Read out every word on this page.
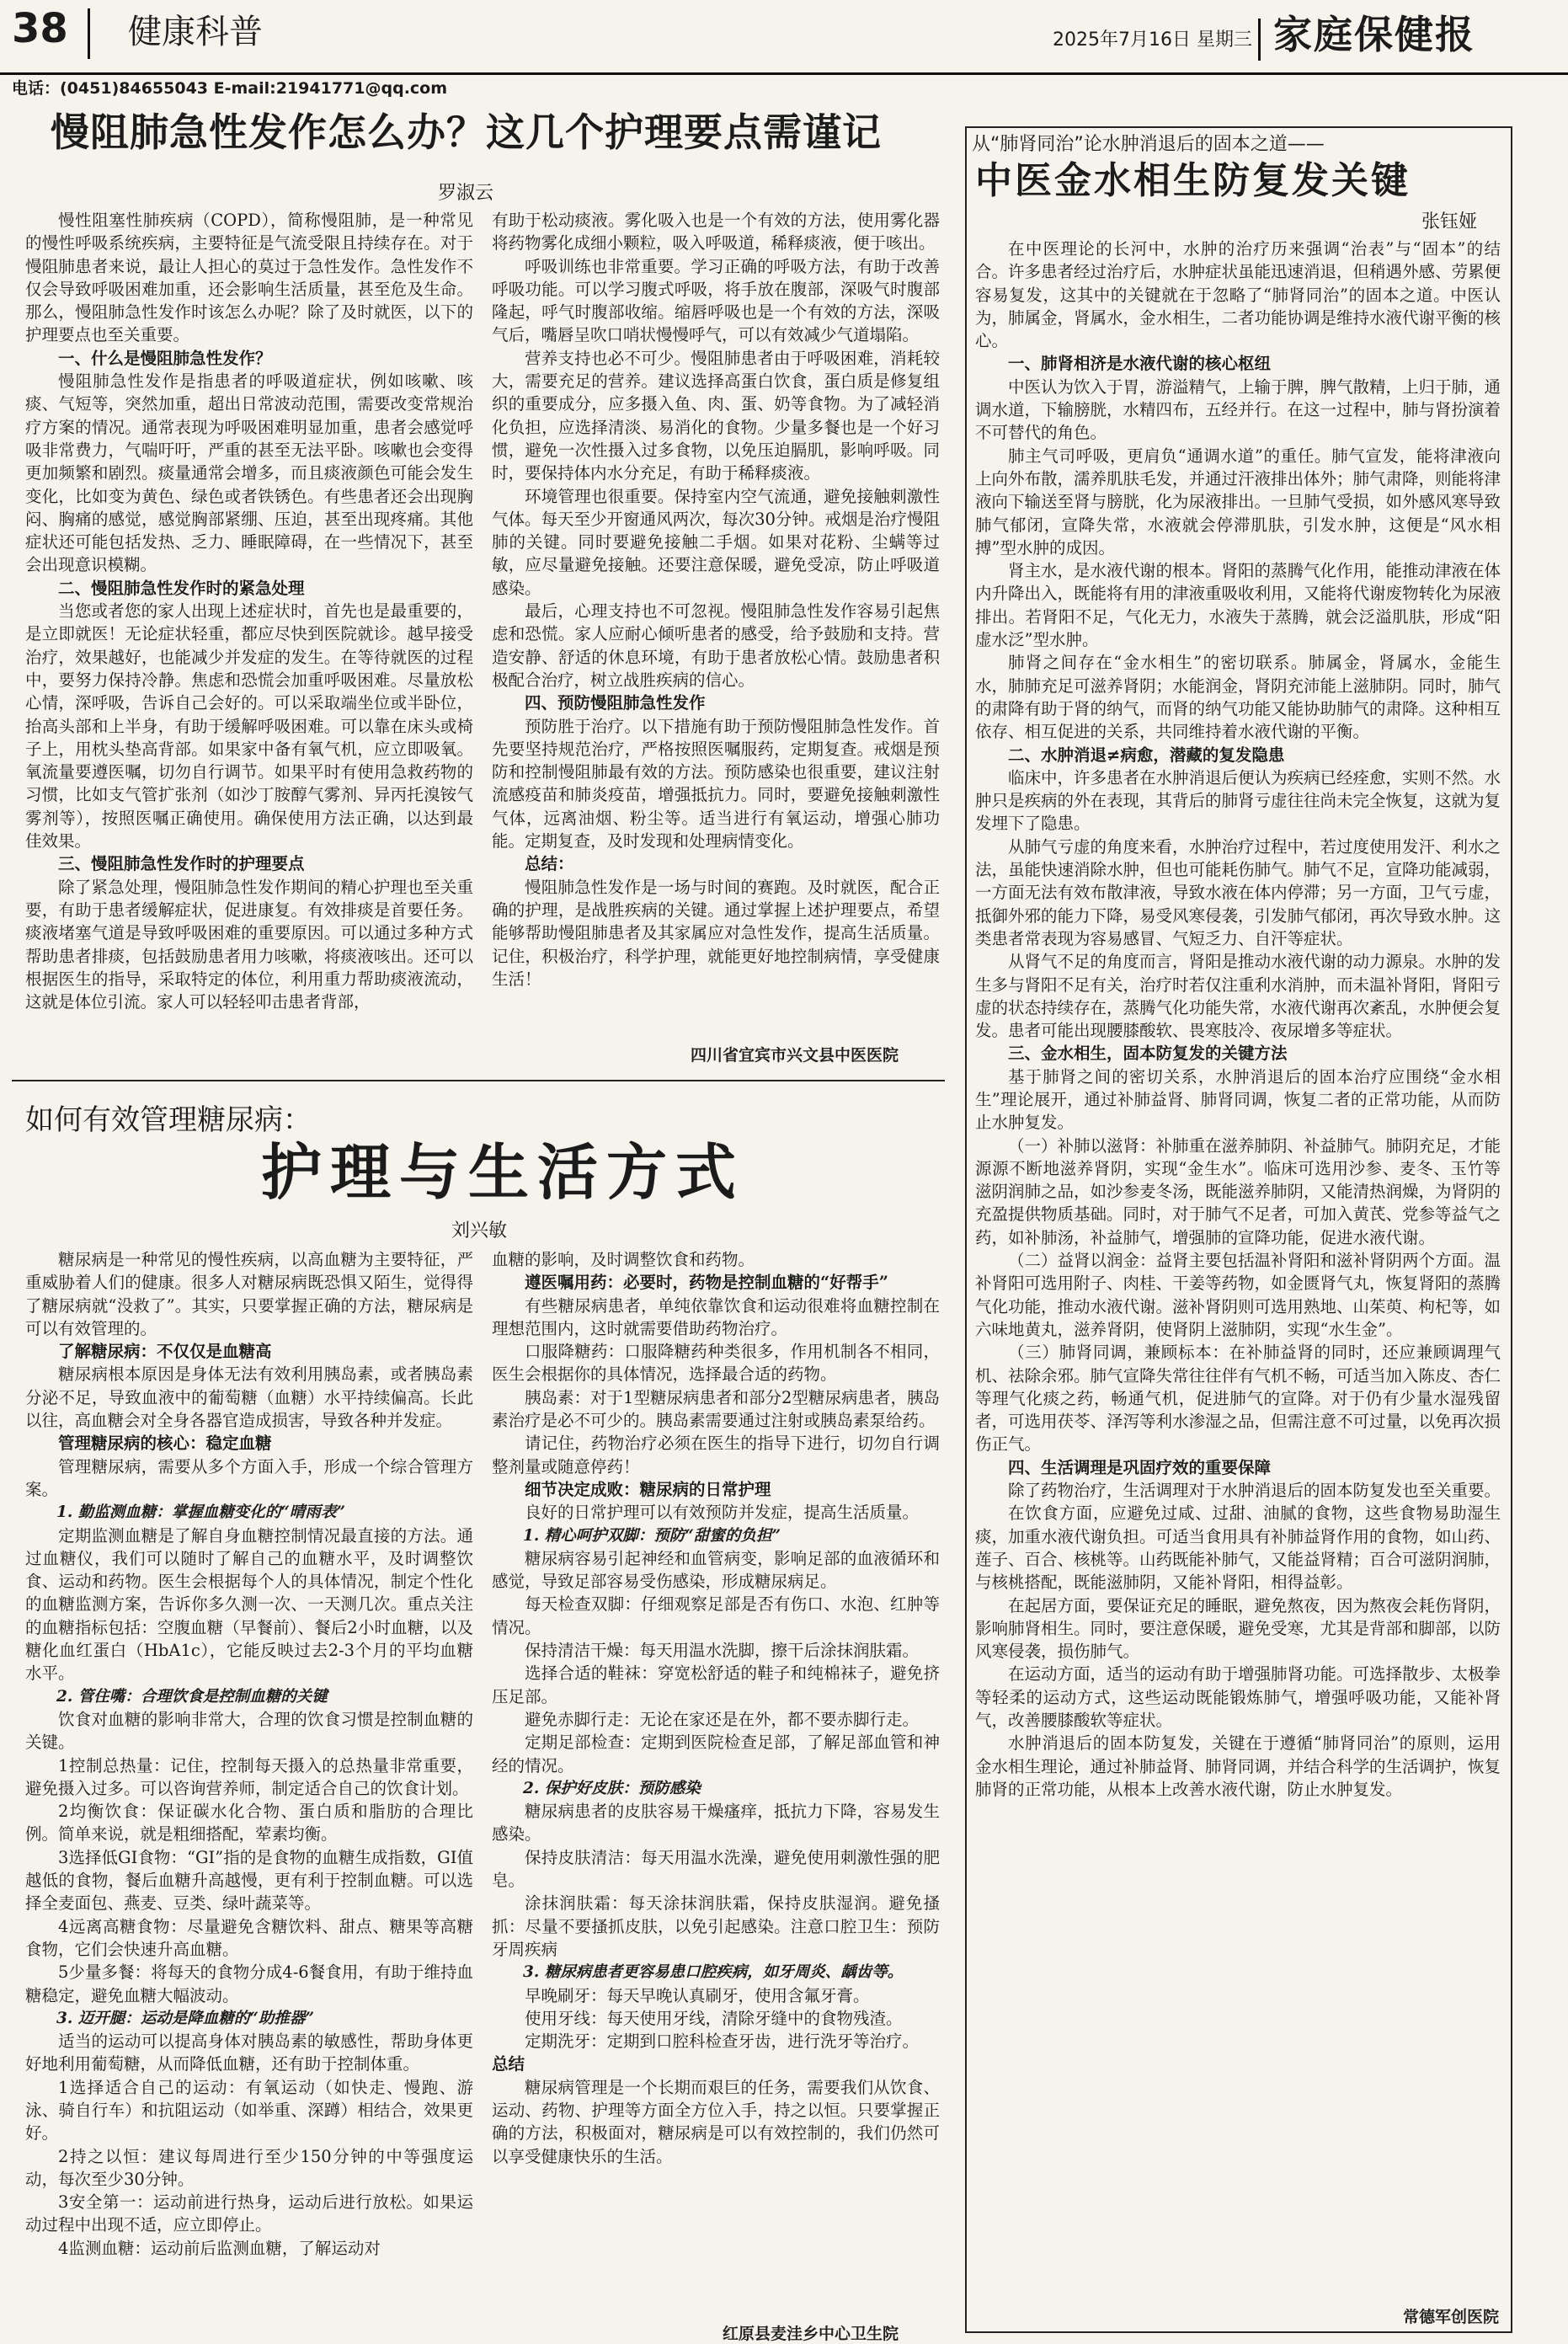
38 健康科普	2025年7月16日 星期三 家庭保健报
电话：(0451)84655043 E-mail:21941771@qq.com
慢阻肺急性发作怎么办？这几个护理要点需谨记
罗淑云

慢性阻塞性肺疾病（COPD），简称慢阻肺，是一种常见的慢性呼吸系统疾病，主要特征是气流受限且持续存在。对于慢阻肺患者来说，最让人担心的莫过于急性发作。急性发作不仅会导致呼吸困难加重，还会影响生活质量，甚至危及生命。那么，慢阻肺急性发作时该怎么办呢？除了及时就医，以下的护理要点也至关重要。

一、什么是慢阻肺急性发作？

慢阻肺急性发作是指患者的呼吸道症状，例如咳嗽、咳痰、气短等，突然加重，超出日常波动范围，需要改变常规治疗方案的情况。通常表现为呼吸困难明显加重，患者会感觉呼吸非常费力，气喘吁吁，严重的甚至无法平卧。咳嗽也会变得更加频繁和剧烈。痰量通常会增多，而且痰液颜色可能会发生变化，比如变为黄色、绿色或者铁锈色。有些患者还会出现胸闷、胸痛的感觉，感觉胸部紧绷、压迫，甚至出现疼痛。其他症状还可能包括发热、乏力、睡眠障碍，在一些情况下，甚至会出现意识模糊。

二、慢阻肺急性发作时的紧急处理

当您或者您的家人出现上述症状时，首先也是最重要的，是立即就医！无论症状轻重，都应尽快到医院就诊。越早接受治疗，效果越好，也能减少并发症的发生。在等待就医的过程中，要努力保持冷静。焦虑和恐慌会加重呼吸困难。尽量放松心情，深呼吸，告诉自己会好的。可以采取端坐位或半卧位，抬高头部和上半身，有助于缓解呼吸困难。可以靠在床头或椅子上，用枕头垫高背部。如果家中备有氧气机，应立即吸氧。氧流量要遵医嘱，切勿自行调节。如果平时有使用急救药物的习惯，比如支气管扩张剂（如沙丁胺醇气雾剂、异丙托溴铵气雾剂等），按照医嘱正确使用。确保使用方法正确，以达到最佳效果。

三、慢阻肺急性发作时的护理要点

除了紧急处理，慢阻肺急性发作期间的精心护理也至关重要，有助于患者缓解症状，促进康复。有效排痰是首要任务。痰液堵塞气道是导致呼吸困难的重要原因。可以通过多种方式帮助患者排痰，包括鼓励患者用力咳嗽，将痰液咳出。还可以根据医生的指导，采取特定的体位，利用重力帮助痰液流动，这就是体位引流。家人可以轻轻叩击患者背部，

有助于松动痰液。雾化吸入也是一个有效的方法，使用雾化器将药物雾化成细小颗粒，吸入呼吸道，稀释痰液，便于咳出。

呼吸训练也非常重要。学习正确的呼吸方法，有助于改善呼吸功能。可以学习腹式呼吸，将手放在腹部，深吸气时腹部隆起，呼气时腹部收缩。缩唇呼吸也是一个有效的方法，深吸气后，嘴唇呈吹口哨状慢慢呼气，可以有效减少气道塌陷。

营养支持也必不可少。慢阻肺患者由于呼吸困难，消耗较大，需要充足的营养。建议选择高蛋白饮食，蛋白质是修复组织的重要成分，应多摄入鱼、肉、蛋、奶等食物。为了减轻消化负担，应选择清淡、易消化的食物。少量多餐也是一个好习惯，避免一次性摄入过多食物，以免压迫膈肌，影响呼吸。同时，要保持体内水分充足，有助于稀释痰液。

环境管理也很重要。保持室内空气流通，避免接触刺激性气体。每天至少开窗通风两次，每次30分钟。戒烟是治疗慢阻肺的关键。同时要避免接触二手烟。如果对花粉、尘螨等过敏，应尽量避免接触。还要注意保暖，避免受凉，防止呼吸道感染。

最后，心理支持也不可忽视。慢阻肺急性发作容易引起焦虑和恐慌。家人应耐心倾听患者的感受，给予鼓励和支持。营造安静、舒适的休息环境，有助于患者放松心情。鼓励患者积极配合治疗，树立战胜疾病的信心。

四、预防慢阻肺急性发作

预防胜于治疗。以下措施有助于预防慢阻肺急性发作。首先要坚持规范治疗，严格按照医嘱服药，定期复查。戒烟是预防和控制慢阻肺最有效的方法。预防感染也很重要，建议注射流感疫苗和肺炎疫苗，增强抵抗力。同时，要避免接触刺激性气体，远离油烟、粉尘等。适当进行有氧运动，增强心肺功能。定期复查，及时发现和处理病情变化。

总结：

慢阻肺急性发作是一场与时间的赛跑。及时就医，配合正确的护理，是战胜疾病的关键。通过掌握上述护理要点，希望能够帮助慢阻肺患者及其家属应对急性发作，提高生活质量。记住，积极治疗，科学护理，就能更好地控制病情，享受健康生活！

四川省宜宾市兴文县中医医院
如何有效管理糖尿病：
护理与生活方式
刘兴敏

糖尿病是一种常见的慢性疾病，以高血糖为主要特征，严重威胁着人们的健康。很多人对糖尿病既恐惧又陌生，觉得得了糖尿病就“没救了”。其实，只要掌握正确的方法，糖尿病是可以有效管理的。

了解糖尿病：不仅仅是血糖高

糖尿病根本原因是身体无法有效利用胰岛素，或者胰岛素分泌不足，导致血液中的葡萄糖（血糖）水平持续偏高。长此以往，高血糖会对全身各器官造成损害，导致各种并发症。

管理糖尿病的核心：稳定血糖

管理糖尿病，需要从多个方面入手，形成一个综合管理方案。

1. 勤监测血糖：掌握血糖变化的“晴雨表”

定期监测血糖是了解自身血糖控制情况最直接的方法。通过血糖仪，我们可以随时了解自己的血糖水平，及时调整饮食、运动和药物。医生会根据每个人的具体情况，制定个性化的血糖监测方案，告诉你多久测一次、一天测几次。重点关注的血糖指标包括：空腹血糖（早餐前）、餐后2小时血糖，以及糖化血红蛋白（HbA1c），它能反映过去2-3个月的平均血糖水平。

2. 管住嘴：合理饮食是控制血糖的关键

饮食对血糖的影响非常大，合理的饮食习惯是控制血糖的关键。

1控制总热量：记住，控制每天摄入的总热量非常重要，避免摄入过多。可以咨询营养师，制定适合自己的饮食计划。

2均衡饮食：保证碳水化合物、蛋白质和脂肪的合理比例。简单来说，就是粗细搭配，荤素均衡。

3选择低GI食物：“GI”指的是食物的血糖生成指数，GI值越低的食物，餐后血糖升高越慢，更有利于控制血糖。可以选择全麦面包、燕麦、豆类、绿叶蔬菜等。

4远离高糖食物：尽量避免含糖饮料、甜点、糖果等高糖食物，它们会快速升高血糖。

5少量多餐：将每天的食物分成4-6餐食用，有助于维持血糖稳定，避免血糖大幅波动。

3. 迈开腿：运动是降血糖的“助推器”

适当的运动可以提高身体对胰岛素的敏感性，帮助身体更好地利用葡萄糖，从而降低血糖，还有助于控制体重。

1选择适合自己的运动：有氧运动（如快走、慢跑、游泳、骑自行车）和抗阻运动（如举重、深蹲）相结合，效果更好。

2持之以恒：建议每周进行至少150分钟的中等强度运动，每次至少30分钟。

3安全第一：运动前进行热身，运动后进行放松。如果运动过程中出现不适，应立即停止。

4监测血糖：运动前后监测血糖，了解运动对

血糖的影响，及时调整饮食和药物。

遵医嘱用药：必要时，药物是控制血糖的“好帮手”

有些糖尿病患者，单纯依靠饮食和运动很难将血糖控制在理想范围内，这时就需要借助药物治疗。

口服降糖药：口服降糖药种类很多，作用机制各不相同，医生会根据你的具体情况，选择最合适的药物。

胰岛素：对于1型糖尿病患者和部分2型糖尿病患者，胰岛素治疗是必不可少的。胰岛素需要通过注射或胰岛素泵给药。

请记住，药物治疗必须在医生的指导下进行，切勿自行调整剂量或随意停药！

细节决定成败：糖尿病的日常护理

良好的日常护理可以有效预防并发症，提高生活质量。

1. 精心呵护双脚：预防“甜蜜的负担”

糖尿病容易引起神经和血管病变，影响足部的血液循环和感觉，导致足部容易受伤感染，形成糖尿病足。

每天检查双脚：仔细观察足部是否有伤口、水泡、红肿等情况。

保持清洁干燥：每天用温水洗脚，擦干后涂抹润肤霜。

选择合适的鞋袜：穿宽松舒适的鞋子和纯棉袜子，避免挤压足部。

避免赤脚行走：无论在家还是在外，都不要赤脚行走。

定期足部检查：定期到医院检查足部，了解足部血管和神经的情况。

2. 保护好皮肤：预防感染

糖尿病患者的皮肤容易干燥瘙痒，抵抗力下降，容易发生感染。

保持皮肤清洁：每天用温水洗澡，避免使用刺激性强的肥皂。

涂抹润肤霜：每天涂抹润肤霜，保持皮肤湿润。避免搔抓：尽量不要搔抓皮肤，以免引起感染。注意口腔卫生：预防牙周疾病

3. 糖尿病患者更容易患口腔疾病，如牙周炎、龋齿等。

早晚刷牙：每天早晚认真刷牙，使用含氟牙膏。

使用牙线：每天使用牙线，清除牙缝中的食物残渣。

定期洗牙：定期到口腔科检查牙齿，进行洗牙等治疗。

总结

糖尿病管理是一个长期而艰巨的任务，需要我们从饮食、运动、药物、护理等方面全方位入手，持之以恒。只要掌握正确的方法，积极面对，糖尿病是可以有效控制的，我们仍然可以享受健康快乐的生活。

红原县麦洼乡中心卫生院
从“肺肾同治”论水肿消退后的固本之道——
中医金水相生防复发关键
张钰娅

在中医理论的长河中，水肿的治疗历来强调“治表”与“固本”的结合。许多患者经过治疗后，水肿症状虽能迅速消退，但稍遇外感、劳累便容易复发，这其中的关键就在于忽略了“肺肾同治”的固本之道。中医认为，肺属金，肾属水，金水相生，二者功能协调是维持水液代谢平衡的核心。

一、肺肾相济是水液代谢的核心枢纽

中医认为饮入于胃，游溢精气，上输于脾，脾气散精，上归于肺，通调水道，下输膀胱，水精四布，五经并行。在这一过程中，肺与肾扮演着不可替代的角色。

肺主气司呼吸，更肩负“通调水道”的重任。肺气宣发，能将津液向上向外布散，濡养肌肤毛发，并通过汗液排出体外；肺气肃降，则能将津液向下输送至肾与膀胱，化为尿液排出。一旦肺气受损，如外感风寒导致肺气郁闭，宣降失常，水液就会停滞肌肤，引发水肿，这便是“风水相搏”型水肿的成因。

肾主水，是水液代谢的根本。肾阳的蒸腾气化作用，能推动津液在体内升降出入，既能将有用的津液重吸收利用，又能将代谢废物转化为尿液排出。若肾阳不足，气化无力，水液失于蒸腾，就会泛溢肌肤，形成“阳虚水泛”型水肿。

肺肾之间存在“金水相生”的密切联系。肺属金，肾属水，金能生水，肺肺充足可滋养肾阴；水能润金，肾阴充沛能上滋肺阴。同时，肺气的肃降有助于肾的纳气，而肾的纳气功能又能协助肺气的肃降。这种相互依存、相互促进的关系，共同维持着水液代谢的平衡。

二、水肿消退≠病愈，潜藏的复发隐患

临床中，许多患者在水肿消退后便认为疾病已经痊愈，实则不然。水肿只是疾病的外在表现，其背后的肺肾亏虚往往尚未完全恢复，这就为复发埋下了隐患。

从肺气亏虚的角度来看，水肿治疗过程中，若过度使用发汗、利水之法，虽能快速消除水肿，但也可能耗伤肺气。肺气不足，宣降功能减弱，一方面无法有效布散津液，导致水液在体内停滞；另一方面，卫气亏虚，抵御外邪的能力下降，易受风寒侵袭，引发肺气郁闭，再次导致水肿。这类患者常表现为容易感冒、气短乏力、自汗等症状。

从肾气不足的角度而言，肾阳是推动水液代谢的动力源泉。水肿的发生多与肾阳不足有关，治疗时若仅注重利水消肿，而未温补肾阳，肾阳亏虚的状态持续存在，蒸腾气化功能失常，水液代谢再次紊乱，水肿便会复发。患者可能出现腰膝酸软、畏寒肢冷、夜尿增多等症状。

三、金水相生，固本防复发的关键方法

基于肺肾之间的密切关系，水肿消退后的固本治疗应围绕“金水相生”理论展开，通过补肺益肾、肺肾同调，恢复二者的正常功能，从而防止水肿复发。

（一）补肺以滋肾：补肺重在滋养肺阴、补益肺气。肺阴充足，才能源源不断地滋养肾阴，实现“金生水”。临床可选用沙参、麦冬、玉竹等滋阴润肺之品，如沙参麦冬汤，既能滋养肺阴，又能清热润燥，为肾阴的充盈提供物质基础。同时，对于肺气不足者，可加入黄芪、党参等益气之药，如补肺汤，补益肺气，增强肺的宣降功能，促进水液代谢。

（二）益肾以润金：益肾主要包括温补肾阳和滋补肾阴两个方面。温补肾阳可选用附子、肉桂、干姜等药物，如金匮肾气丸，恢复肾阳的蒸腾气化功能，推动水液代谢。滋补肾阴则可选用熟地、山茱萸、枸杞等，如六味地黄丸，滋养肾阴，使肾阴上滋肺阴，实现“水生金”。

（三）肺肾同调，兼顾标本：在补肺益肾的同时，还应兼顾调理气机、祛除余邪。肺气宣降失常往往伴有气机不畅，可适当加入陈皮、杏仁等理气化痰之药，畅通气机，促进肺气的宣降。对于仍有少量水湿残留者，可选用茯苓、泽泻等利水渗湿之品，但需注意不可过量，以免再次损伤正气。

四、生活调理是巩固疗效的重要保障

除了药物治疗，生活调理对于水肿消退后的固本防复发也至关重要。

在饮食方面，应避免过咸、过甜、油腻的食物，这些食物易助湿生痰，加重水液代谢负担。可适当食用具有补肺益肾作用的食物，如山药、莲子、百合、核桃等。山药既能补肺气，又能益肾精；百合可滋阴润肺，与核桃搭配，既能滋肺阴，又能补肾阳，相得益彰。

在起居方面，要保证充足的睡眠，避免熬夜，因为熬夜会耗伤肾阴，影响肺肾相生。同时，要注意保暖，避免受寒，尤其是背部和脚部，以防风寒侵袭，损伤肺气。

在运动方面，适当的运动有助于增强肺肾功能。可选择散步、太极拳等轻柔的运动方式，这些运动既能锻炼肺气，增强呼吸功能，又能补肾气，改善腰膝酸软等症状。

水肿消退后的固本防复发，关键在于遵循“肺肾同治”的原则，运用金水相生理论，通过补肺益肾、肺肾同调，并结合科学的生活调护，恢复肺肾的正常功能，从根本上改善水液代谢，防止水肿复发。

常德军创医院
